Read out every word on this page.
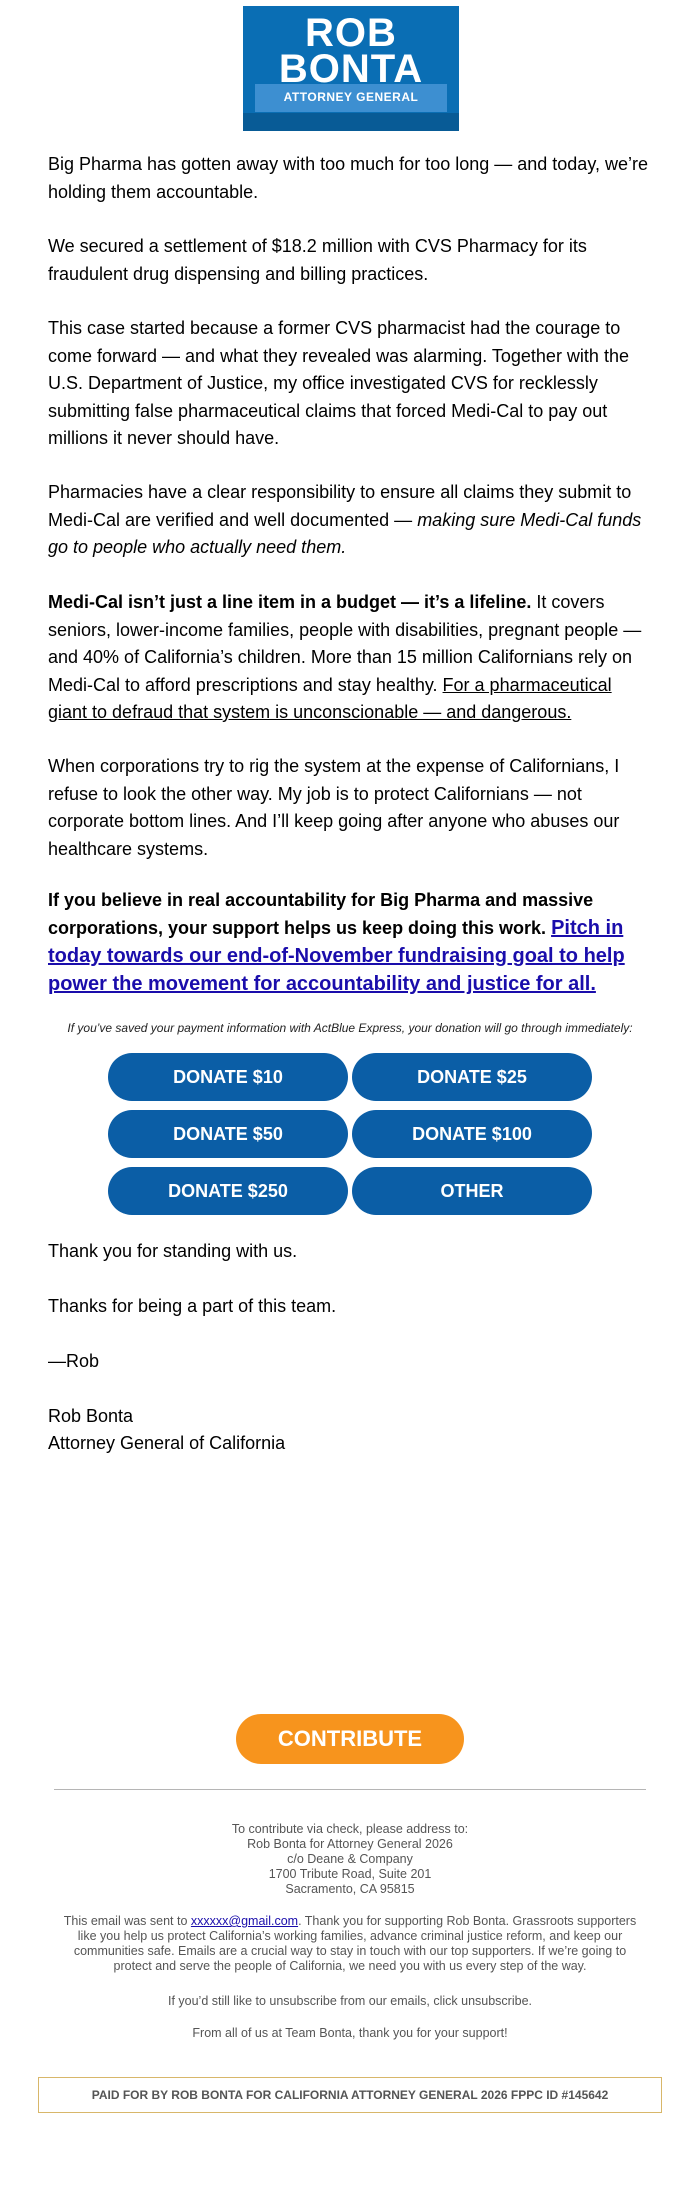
ROB
BONTA
ATTORNEY GENERAL

Big Pharma has gotten away with too much for too long — and today, we’re holding them accountable.

We secured a settlement of $18.2 million with CVS Pharmacy for its fraudulent drug dispensing and billing practices.

This case started because a former CVS pharmacist had the courage to come forward — and what they revealed was alarming. Together with the U.S. Department of Justice, my office investigated CVS for recklessly submitting false pharmaceutical claims that forced Medi-Cal to pay out millions it never should have.

Pharmacies have a clear responsibility to ensure all claims they submit to Medi-Cal are verified and well documented — making sure Medi-Cal funds go to people who actually need them.

Medi-Cal isn’t just a line item in a budget — it’s a lifeline. It covers seniors, lower-income families, people with disabilities, pregnant people — and 40% of California’s children. More than 15 million Californians rely on Medi-Cal to afford prescriptions and stay healthy. For a pharmaceutical giant to defraud that system is unconscionable — and dangerous.

When corporations try to rig the system at the expense of Californians, I refuse to look the other way. My job is to protect Californians — not corporate bottom lines. And I’ll keep going after anyone who abuses our healthcare systems.

If you believe in real accountability for Big Pharma and massive corporations, your support helps us keep doing this work. Pitch in today towards our end-of-November fundraising goal to help power the movement for accountability and justice for all.

If you’ve saved your payment information with ActBlue Express, your donation will go through immediately:
DONATE $10	DONATE $25
DONATE $50	DONATE $100
DONATE $250	OTHER

Thank you for standing with us.

Thanks for being a part of this team.

—Rob

Rob Bonta

Attorney General of California

CONTRIBUTE

To contribute via check, please address to:

Rob Bonta for Attorney General 2026

c/o Deane & Company

1700 Tribute Road, Suite 201

Sacramento, CA 95815

This email was sent to xxxxxx@gmail.com. Thank you for supporting Rob Bonta. Grassroots supporters like you help us protect California’s working families, advance criminal justice reform, and keep our communities safe. Emails are a crucial way to stay in touch with our top supporters. If we’re going to protect and serve the people of California, we need you with us every step of the way.

If you’d still like to unsubscribe from our emails, click unsubscribe.

From all of us at Team Bonta, thank you for your support!

PAID FOR BY ROB BONTA FOR CALIFORNIA ATTORNEY GENERAL 2026 FPPC ID #145642
